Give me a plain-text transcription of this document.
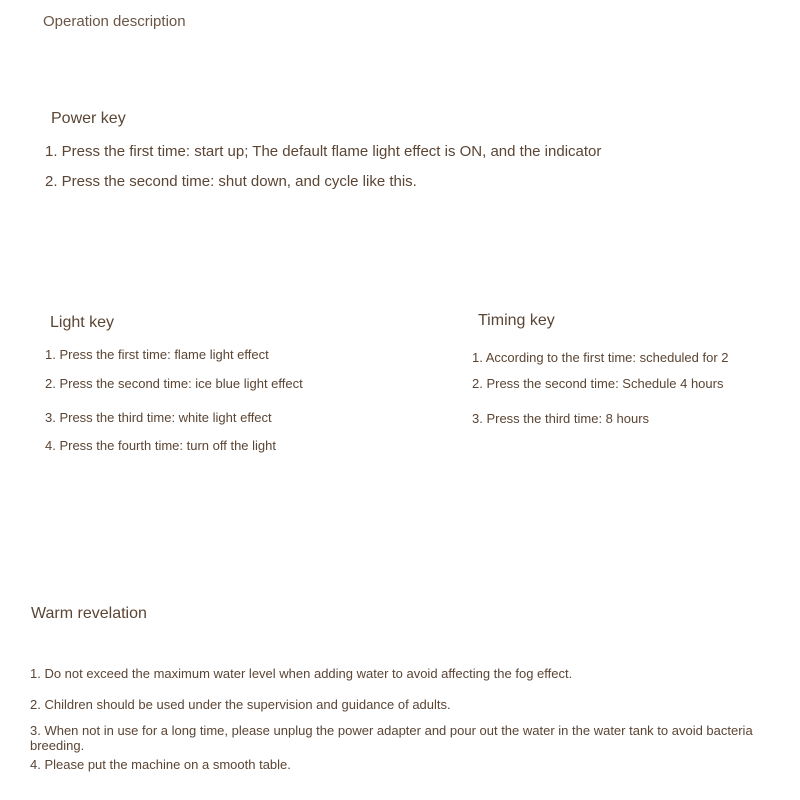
Operation description
Power key
1. Press the first time: start up; The default flame light effect is ON, and the indicator
2. Press the second time: shut down, and cycle like this.
Light key
1. Press the first time: flame light effect
2. Press the second time: ice blue light effect
3. Press the third time: white light effect
4. Press the fourth time: turn off the light
Timing key
1. According to the first time: scheduled for 2
2. Press the second time: Schedule 4 hours
3. Press the third time: 8 hours
Warm revelation
1. Do not exceed the maximum water level when adding water to avoid affecting the fog effect.
2. Children should be used under the supervision and guidance of adults.
3. When not in use for a long time, please unplug the power adapter and pour out the water in the water tank to avoid bacteria breeding.
4. Please put the machine on a smooth table.
